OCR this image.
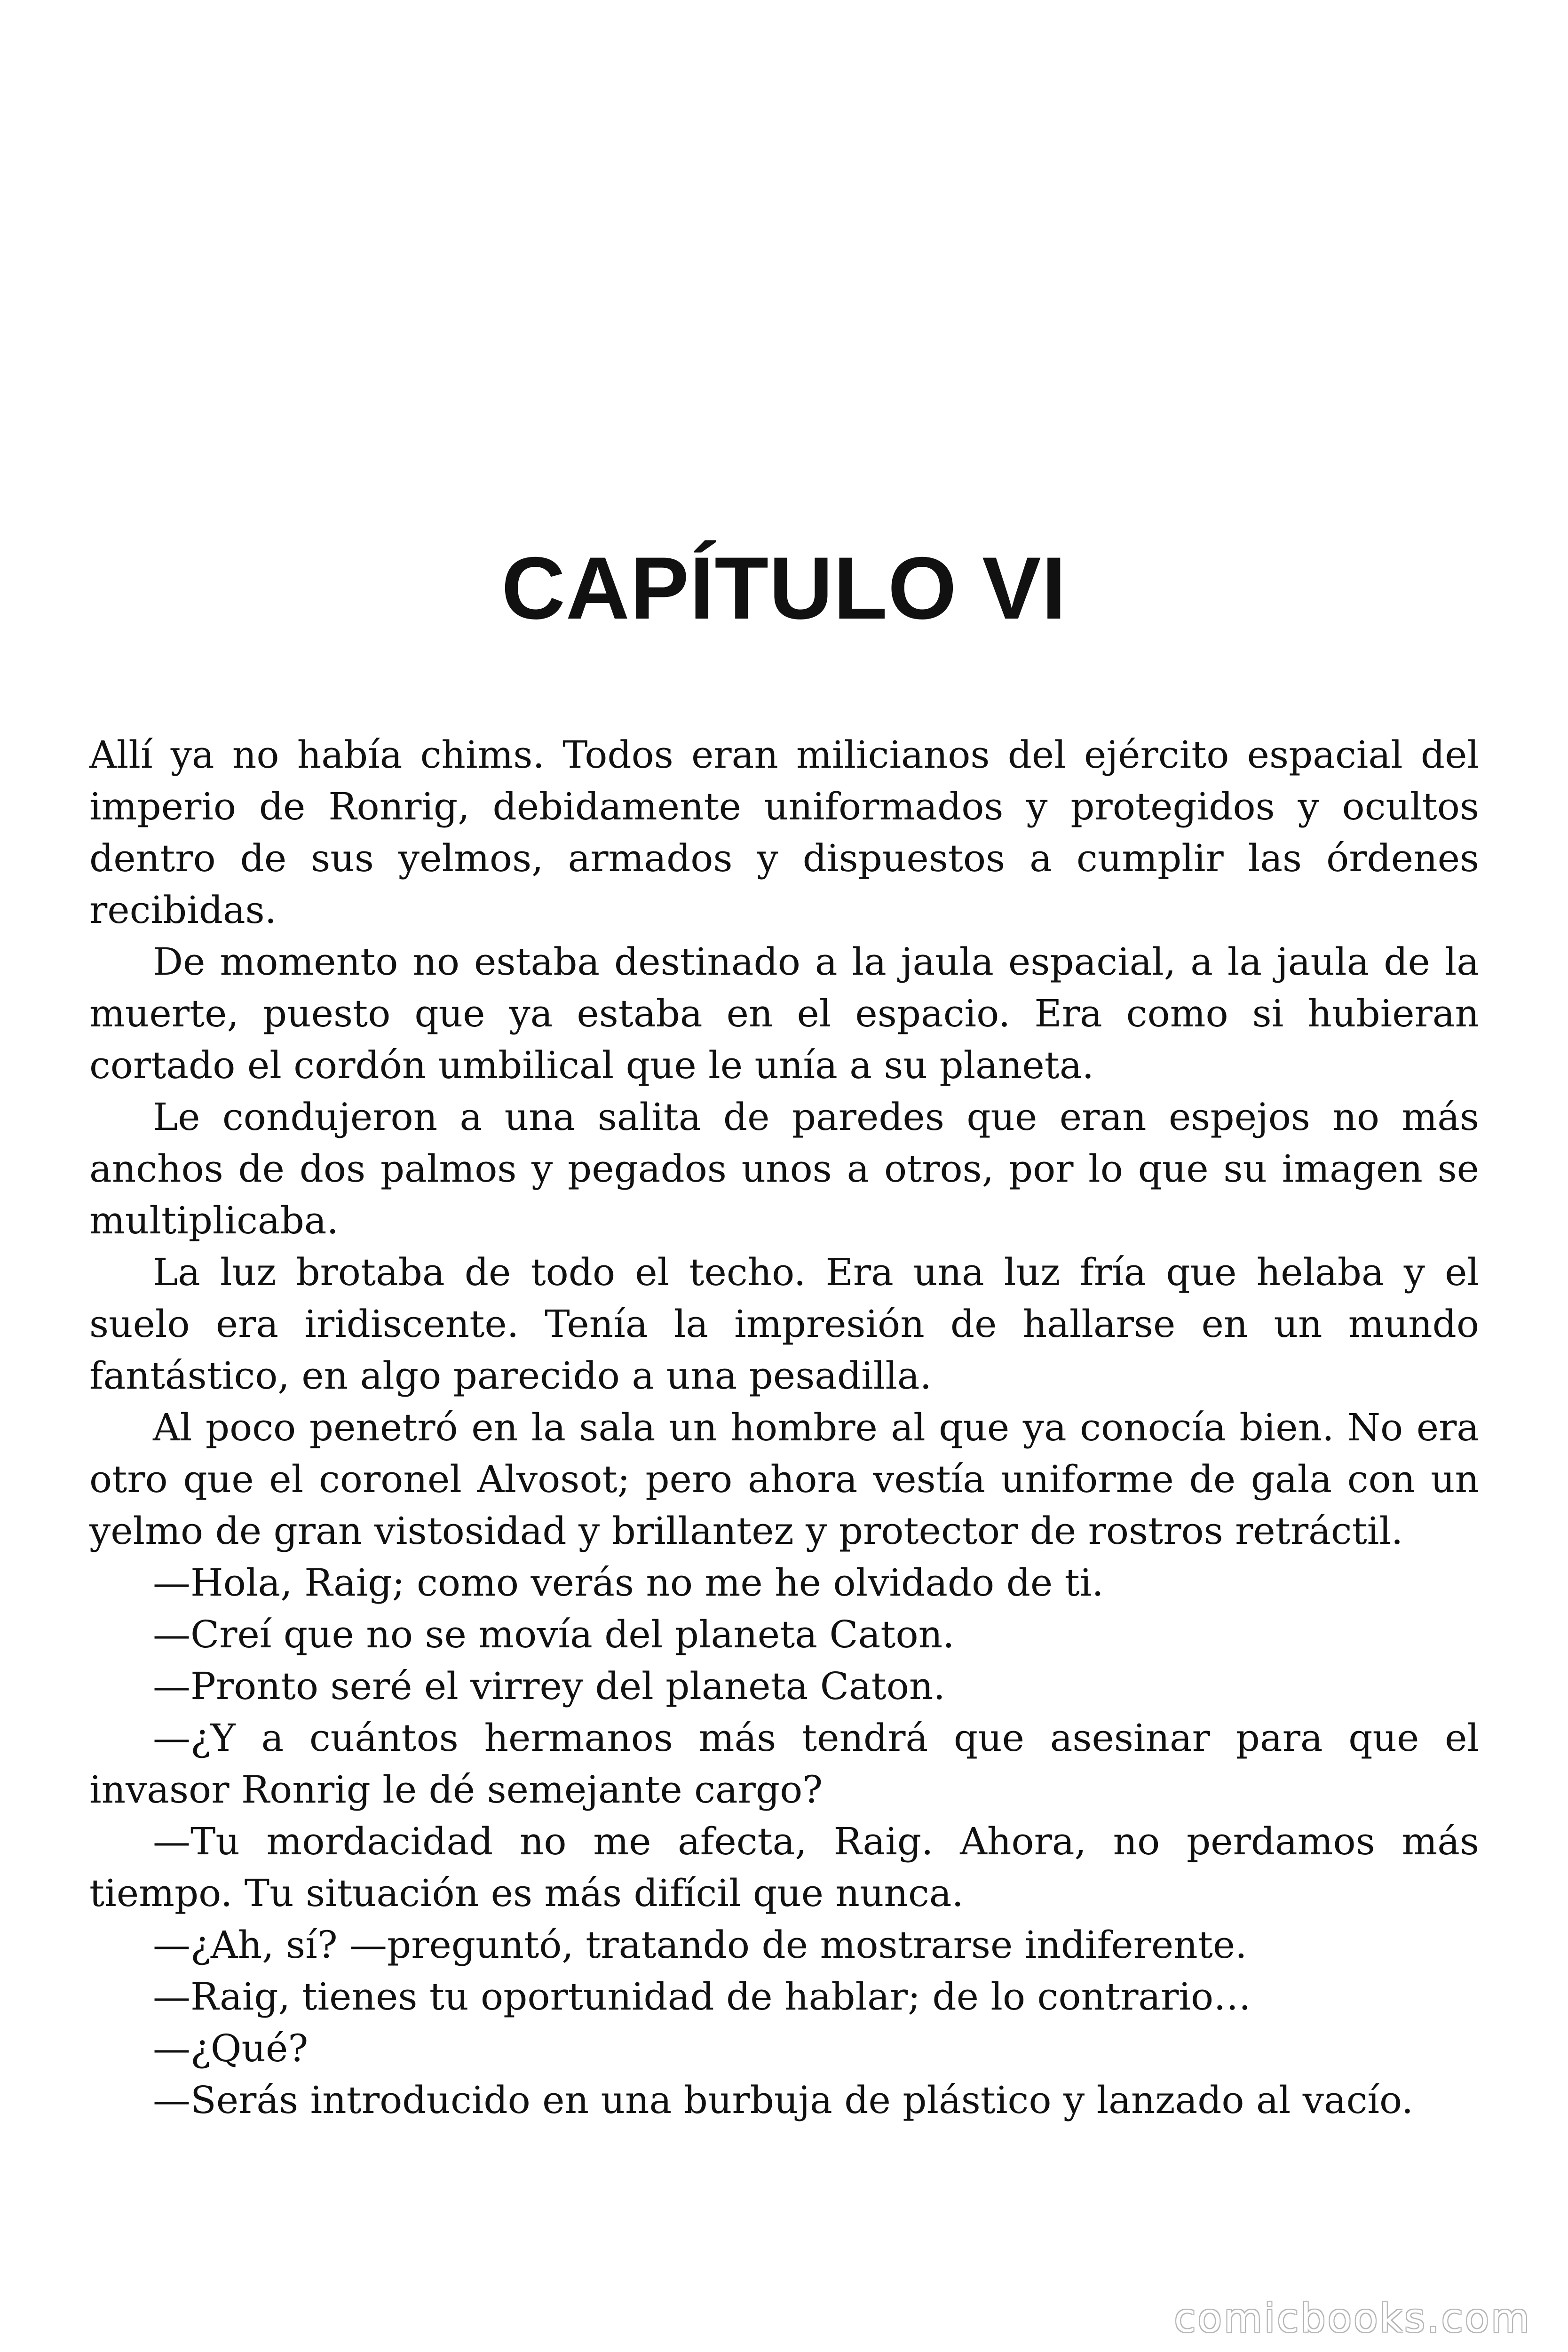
CAPÍTULO VI

Allí ya no había chims. Todos eran milicianos del ejército espacial del imperio de Ronrig, debidamente uniformados y protegidos y ocultos dentro de sus yelmos, armados y dispuestos a cumplir las órdenes recibidas.

De momento no estaba destinado a la jaula espacial, a la jaula de la muerte, puesto que ya estaba en el espacio. Era como si hubieran cortado el cordón umbilical que le unía a su planeta.

Le condujeron a una salita de paredes que eran espejos no más anchos de dos palmos y pegados unos a otros, por lo que su imagen se multiplicaba.

La luz brotaba de todo el techo. Era una luz fría que helaba y el suelo era iridiscente. Tenía la impresión de hallarse en un mundo fantástico, en algo parecido a una pesadilla.

Al poco penetró en la sala un hombre al que ya conocía bien. No era otro que el coronel Alvosot; pero ahora vestía uniforme de gala con un yelmo de gran vistosidad y brillantez y protector de rostros retráctil.

—Hola, Raig; como verás no me he olvidado de ti.

—Creí que no se movía del planeta Caton.

—Pronto seré el virrey del planeta Caton.

—¿Y a cuántos hermanos más tendrá que asesinar para que el invasor Ronrig le dé semejante cargo?

—Tu mordacidad no me afecta, Raig. Ahora, no perdamos más tiempo. Tu situación es más difícil que nunca.

—¿Ah, sí? —preguntó, tratando de mostrarse indiferente.

—Raig, tienes tu oportunidad de hablar; de lo contrario…

—¿Qué?

—Serás introducido en una burbuja de plástico y lanzado al vacío.

comicbooks.com
